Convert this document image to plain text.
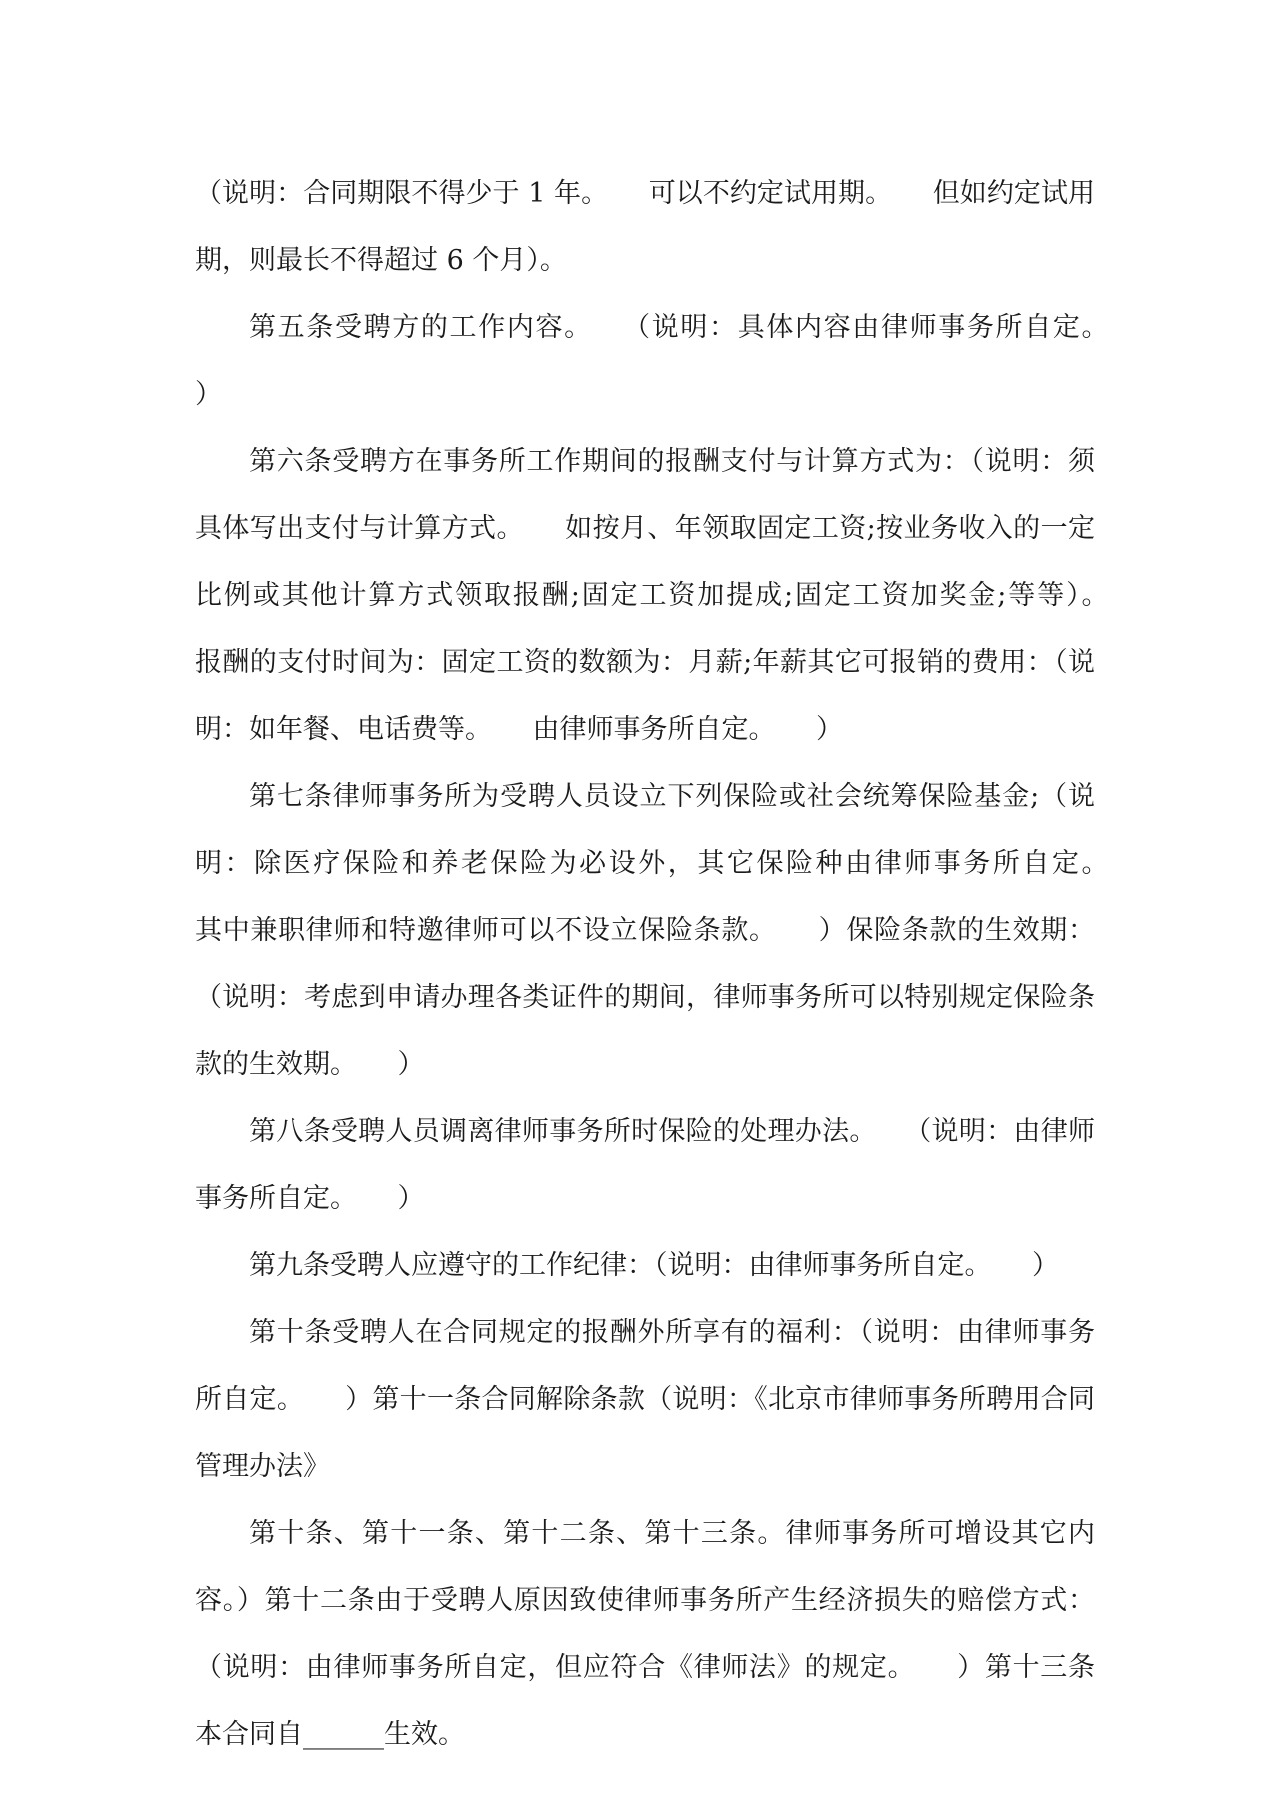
（说明：合同期限不得少于 1 年。　　可以不约定试用期。　　但如约定试用期，则最长不得超过 6 个月）。

第五条受聘方的工作内容。　　（说明：具体内容由律师事务所自定。　　）

第六条受聘方在事务所工作期间的报酬支付与计算方式为：（说明：须具体写出支付与计算方式。　　如按月、年领取固定工资;按业务收入的一定比例或其他计算方式领取报酬;固定工资加提成;固定工资加奖金;等等）。　　报酬的支付时间为：固定工资的数额为：月薪;年薪其它可报销的费用：（说明：如年餐、电话费等。　　由律师事务所自定。　　）

第七条律师事务所为受聘人员设立下列保险或社会统筹保险基金;（说明：除医疗保险和养老保险为必设外，其它保险种由律师事务所自定。　　其中兼职律师和特邀律师可以不设立保险条款。　　）保险条款的生效期：（说明：考虑到申请办理各类证件的期间，律师事务所可以特别规定保险条款的生效期。　　）

第八条受聘人员调离律师事务所时保险的处理办法。　　（说明：由律师事务所自定。　　）

第九条受聘人应遵守的工作纪律：（说明：由律师事务所自定。　　）

第十条受聘人在合同规定的报酬外所享有的福利：（说明：由律师事务所自定。　　）第十一条合同解除条款（说明：《北京市律师事务所聘用合同管理办法》

第十条、第十一条、第十二条、第十三条。律师事务所可增设其它内容。）第十二条由于受聘人原因致使律师事务所产生经济损失的赔偿方式：（说明：由律师事务所自定，但应符合《律师法》的规定。　　）第十三条本合同自______生效。
